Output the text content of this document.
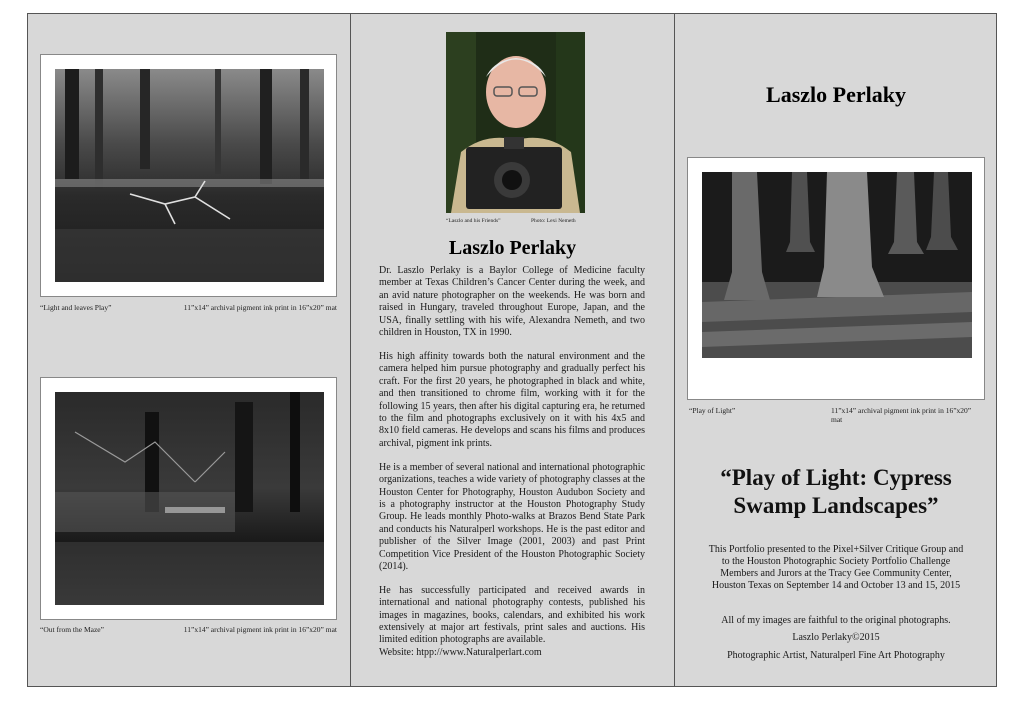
“Light and leaves Play”	11”x14” archival pigment ink print in 16”x20” mat
“Out from the Maze”	11”x14” archival pigment ink print in 16”x20” mat
“Laszlo and his Friends”	Photo: Lexi Nemeth
Laszlo Perlaky

Dr. Laszlo Perlaky is a Baylor College of Medicine faculty member at Texas Children’s Cancer Center during the week, and an avid nature photographer on the weekends. He was born and raised in Hungary, traveled throughout Europe, Japan, and the USA, finally settling with his wife, Alexandra Nemeth, and two children in Houston, TX in 1990.

His high affinity towards both the natural environment and the camera helped him pursue photography and gradually perfect his craft. For the first 20 years, he photographed in black and white, and then transitioned to chrome film, working with it for the following 15 years, then after his digital capturing era, he returned to the film and photographs exclusively on it with his 4x5 and 8x10 field cameras. He develops and scans his films and produces archival, pigment ink prints.

He is a member of several national and international photographic organizations, teaches a wide variety of photography classes at the Houston Center for Photography, Houston Audubon Society and is a photography instructor at the Houston Photography Study Group. He leads monthly Photo-walks at Brazos Bend State Park and conducts his Naturalperl workshops. He is the past editor and publisher of the Silver Image (2001, 2003) and past Print Competition Vice President of the Houston Photographic Society (2014).

He has successfully participated and received awards in international and national photography contests, published his images in magazines, books, calendars, and exhibited his work extensively at major art festivals, print sales and auctions. His limited edition photographs are available.

Website: htpp://www.Naturalperlart.com
Laszlo Perlaky
“Play of Light”	11”x14” archival pigment ink print in 16”x20”
mat
“Play of Light: Cypress
Swamp Landscapes”
This Portfolio presented to the Pixel+Silver Critique Group and
to the Houston Photographic Society Portfolio Challenge
Members and Jurors at the Tracy Gee Community Center,
Houston Texas on September 14 and October 13 and 15, 2015
All of my images are faithful to the original photographs.
Laszlo Perlaky©2015
Photographic Artist, Naturalperl Fine Art Photography
